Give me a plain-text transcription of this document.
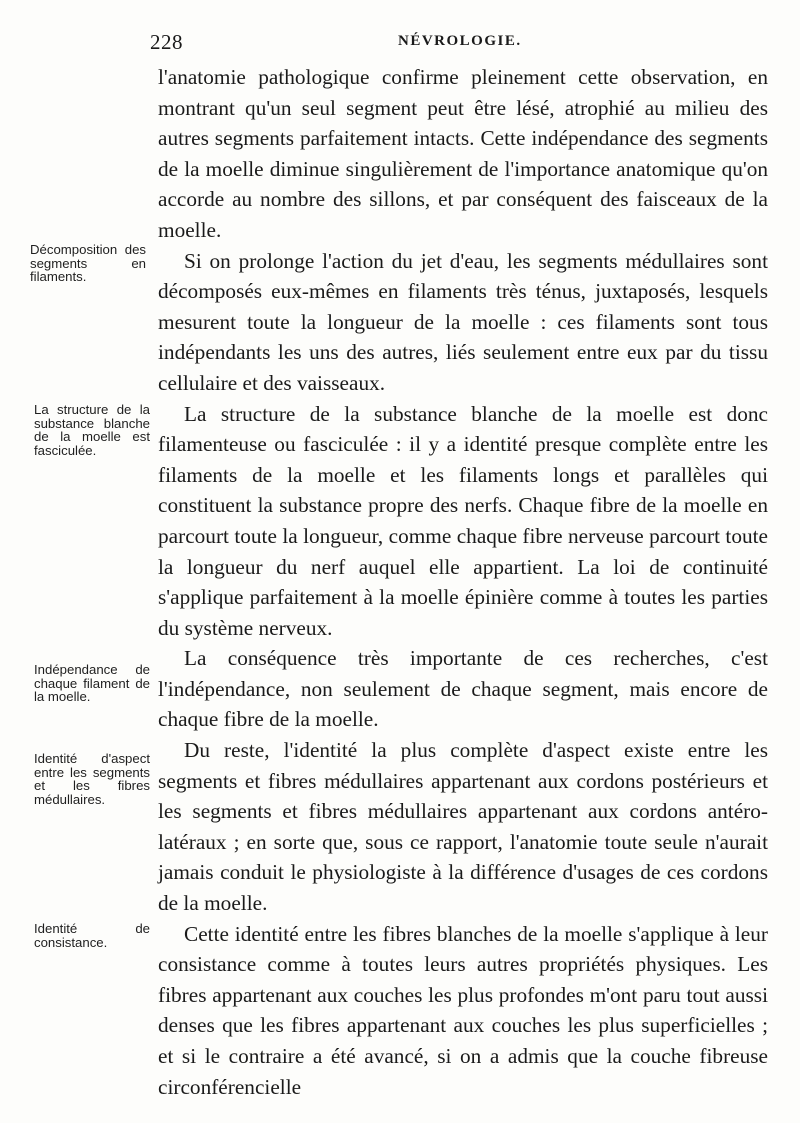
228	NÉVROLOGIE.
Décomposition des segments en filaments.
La structure de la substance blanche de la moelle est fasciculée.
Indépendance de chaque filament de la moelle.
Identité d'aspect entre les segments et les fibres médullaires.
Identité de consistance.

l'anatomie pathologique confirme pleinement cette observation, en montrant qu'un seul segment peut être lésé, atrophié au milieu des autres segments parfaitement intacts. Cette indépendance des segments de la moelle diminue singulièrement de l'importance anatomique qu'on accorde au nombre des sillons, et par conséquent des faisceaux de la moelle.

Si on prolonge l'action du jet d'eau, les segments médullaires sont décomposés eux-mêmes en filaments très ténus, juxtaposés, lesquels mesurent toute la longueur de la moelle : ces filaments sont tous indépendants les uns des autres, liés seulement entre eux par du tissu cellulaire et des vaisseaux.

La structure de la substance blanche de la moelle est donc filamenteuse ou fasciculée : il y a identité presque complète entre les filaments de la moelle et les filaments longs et parallèles qui constituent la substance propre des nerfs. Chaque fibre de la moelle en parcourt toute la longueur, comme chaque fibre nerveuse parcourt toute la longueur du nerf auquel elle appartient. La loi de continuité s'applique parfaitement à la moelle épinière comme à toutes les parties du système nerveux.

La conséquence très importante de ces recherches, c'est l'indépendance, non seulement de chaque segment, mais encore de chaque fibre de la moelle.

Du reste, l'identité la plus complète d'aspect existe entre les segments et fibres médullaires appartenant aux cordons postérieurs et les segments et fibres médullaires appartenant aux cordons antéro-latéraux ; en sorte que, sous ce rapport, l'anatomie toute seule n'aurait jamais conduit le physiologiste à la différence d'usages de ces cordons de la moelle.

Cette identité entre les fibres blanches de la moelle s'applique à leur consistance comme à toutes leurs autres propriétés physiques. Les fibres appartenant aux couches les plus profondes m'ont paru tout aussi denses que les fibres appartenant aux couches les plus superficielles ; et si le contraire a été avancé, si on a admis que la couche fibreuse circonférencielle
